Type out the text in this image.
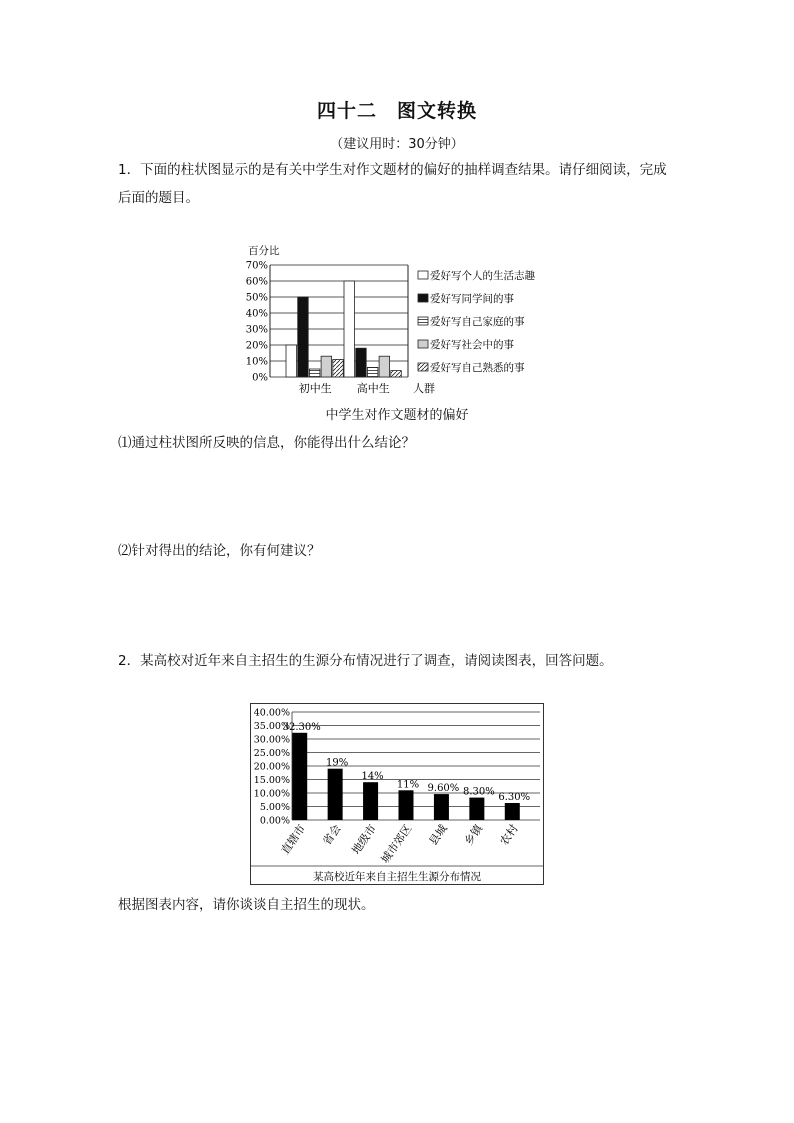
四十二　图文转换
（建议用时：30分钟）
1．下面的柱状图显示的是有关中学生对作文题材的偏好的抽样调查结果。请仔细阅读，完成后面的题目。
百分比
0%
10%
20%
30%
40%
50%
60%
70%
初中生 高中生 人群
爱好写个人的生活志趣
爱好写同学间的事
爱好写自己家庭的事
爱好写社会中的事
爱好写自己熟悉的事
中学生对作文题材的偏好
⑴通过柱状图所反映的信息，你能得出什么结论？
⑵针对得出的结论，你有何建议？
2．某高校对近年来自主招生的生源分布情况进行了调查，请阅读图表，回答问题。
0.00%
5.00%
10.00%
15.00%
20.00%
25.00%
30.00%
35.00%
40.00%
32.30%
直辖市
19%
省会
14%
地级市
11%
城市郊区
9.60%
县城
8.30%
乡镇
6.30%
农村
某高校近年来自主招生生源分布情况
根据图表内容，请你谈谈自主招生的现状。
